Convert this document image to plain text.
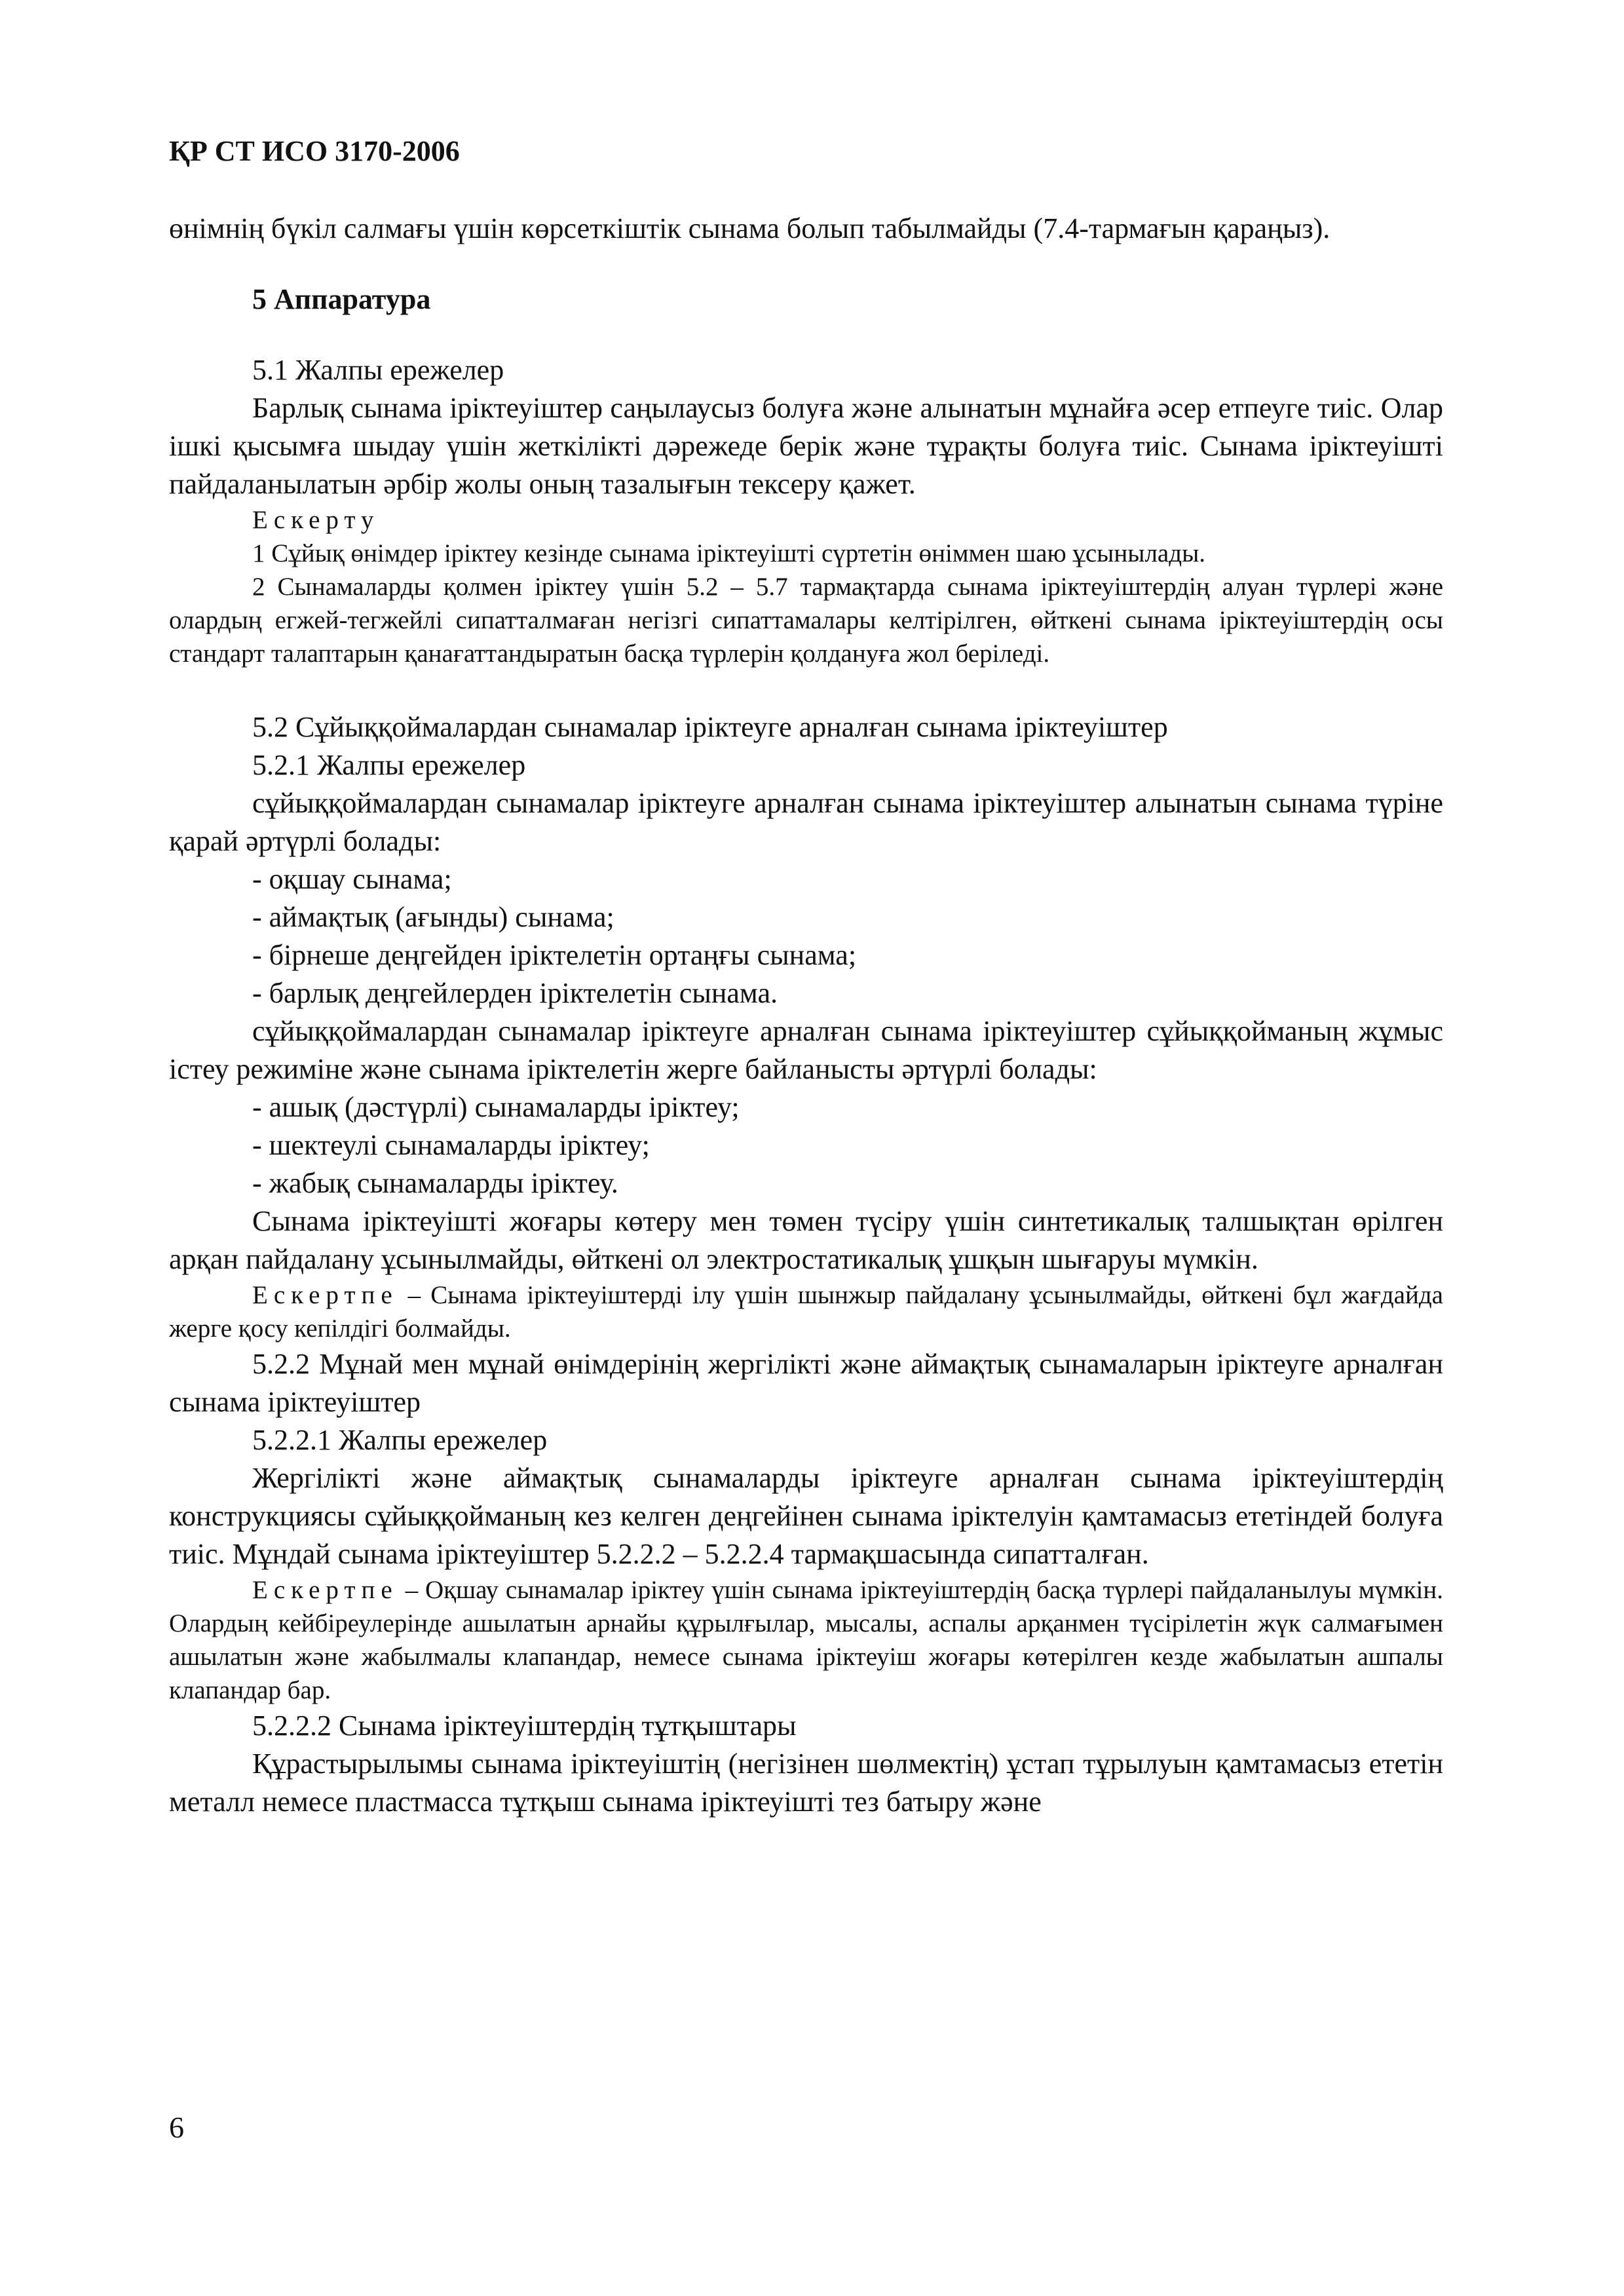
ҚР СТ ИСО 3170-2006

өнімнің бүкіл салмағы үшін көрсеткіштік сынама болып табылмайды (7.4-тармағын қараңыз).

5 Аппаратура

5.1 Жалпы ережелер

Барлық сынама іріктеуіштер саңылаусыз болуға және алынатын мұнайға әсер етпеуге тиіс. Олар ішкі қысымға шыдау үшін жеткілікті дәрежеде берік және тұрақты болуға тиіс. Сынама іріктеуішті пайдаланылатын әрбір жолы оның тазалығын тексеру қажет.

Ескерту

1 Сұйық өнімдер іріктеу кезінде сынама іріктеуішті сүртетін өніммен шаю ұсынылады.

2 Сынамаларды қолмен іріктеу үшін 5.2 – 5.7 тармақтарда сынама іріктеуіштердің алуан түрлері және олардың егжей-тегжейлі сипатталмаған негізгі сипаттамалары келтірілген, өйткені сынама іріктеуіштердің осы стандарт талаптарын қанағаттандыратын басқа түрлерін қолдануға жол беріледі.

5.2 Сұйыққоймалардан сынамалар іріктеуге арналған сынама іріктеуіштер

5.2.1 Жалпы ережелер

сұйыққоймалардан сынамалар іріктеуге арналған сынама іріктеуіштер алынатын сынама түріне қарай әртүрлі болады:

- оқшау сынама;

- аймақтық (ағынды) сынама;

- бірнеше деңгейден іріктелетін ортаңғы сынама;

- барлық деңгейлерден іріктелетін сынама.

сұйыққоймалардан сынамалар іріктеуге арналған сынама іріктеуіштер сұйыққойманың жұмыс істеу режиміне және сынама іріктелетін жерге байланысты әртүрлі болады:

- ашық (дәстүрлі) сынамаларды іріктеу;

- шектеулі сынамаларды іріктеу;

- жабық сынамаларды іріктеу.

Сынама іріктеуішті жоғары көтеру мен төмен түсіру үшін синтетикалық талшықтан өрілген арқан пайдалану ұсынылмайды, өйткені ол электростатикалық ұшқын шығаруы мүмкін.

Ескертпе – Сынама іріктеуіштерді ілу үшін шынжыр пайдалану ұсынылмайды, өйткені бұл жағдайда жерге қосу кепілдігі болмайды.

5.2.2 Мұнай мен мұнай өнімдерінің жергілікті және аймақтық сынамаларын іріктеуге арналған сынама іріктеуіштер

5.2.2.1 Жалпы ережелер

Жергілікті және аймақтық сынамаларды іріктеуге арналған сынама іріктеуіштердің конструкциясы сұйыққойманың кез келген деңгейінен сынама іріктелуін қамтамасыз ететіндей болуға тиіс. Мұндай сынама іріктеуіштер 5.2.2.2 – 5.2.2.4 тармақшасында сипатталған.

Ескертпе – Оқшау сынамалар іріктеу үшін сынама іріктеуіштердің басқа түрлері пайдаланылуы мүмкін. Олардың кейбіреулерінде ашылатын арнайы құрылғылар, мысалы, аспалы арқанмен түсірілетін жүк салмағымен ашылатын және жабылмалы клапандар, немесе сынама іріктеуіш жоғары көтерілген кезде жабылатын ашпалы клапандар бар.

5.2.2.2 Сынама іріктеуіштердің тұтқыштары

Құрастырылымы сынама іріктеуіштің (негізінен шөлмектің) ұстап тұрылуын қамтамасыз ететін металл немесе пластмасса тұтқыш сынама іріктеуішті тез батыру және

6
